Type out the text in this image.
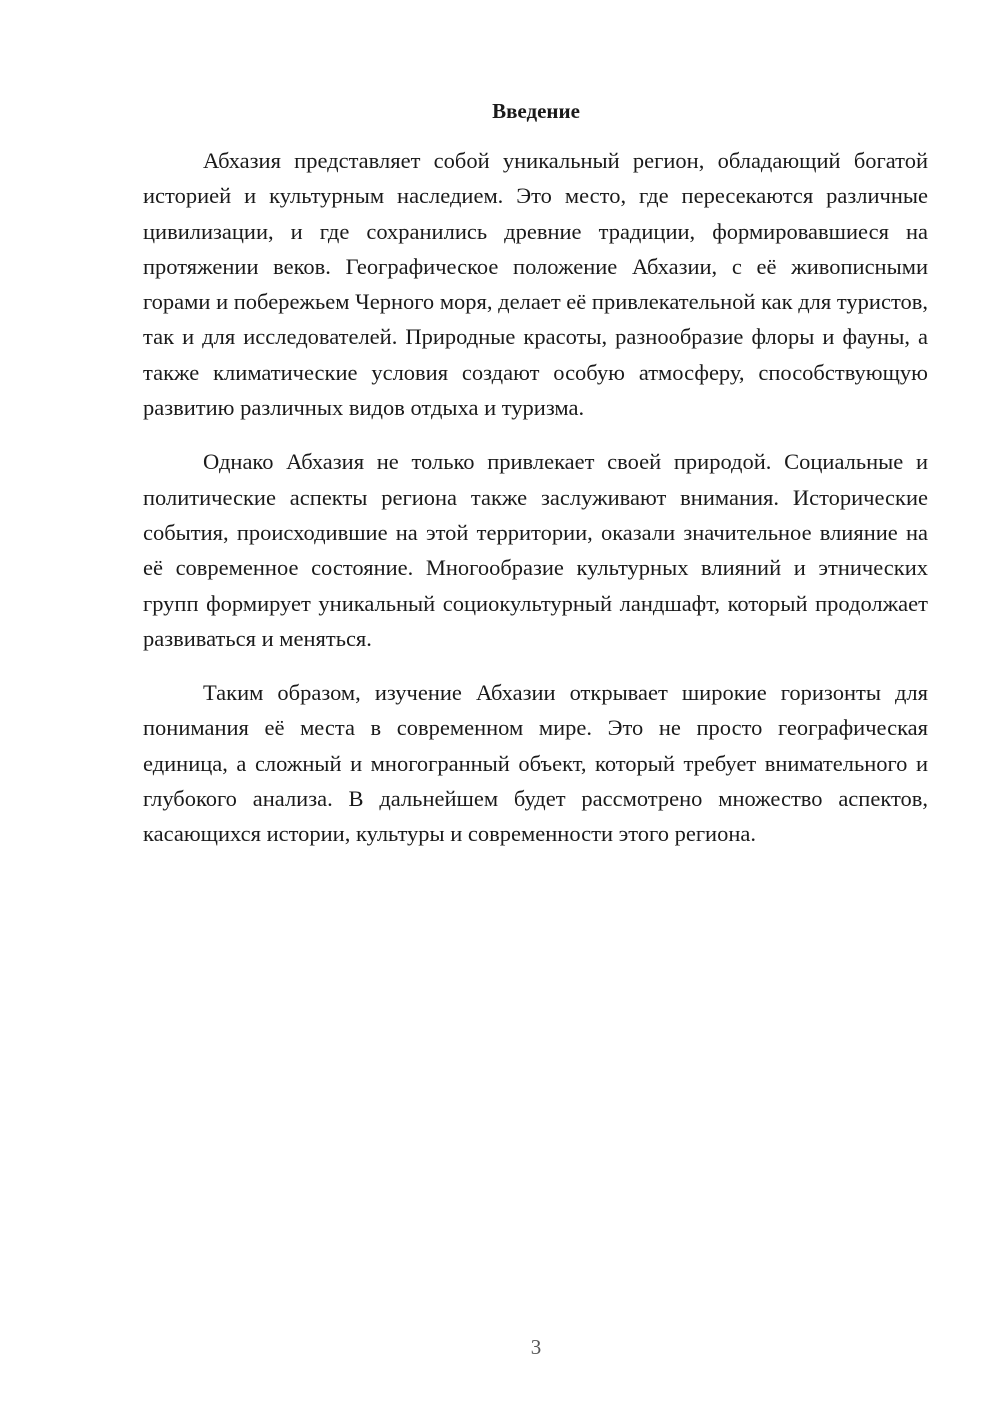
Введение

Абхазия представляет собой уникальный регион, обладающий богатой историей и культурным наследием. Это место, где пересекаются различные цивилизации, и где сохранились древние традиции, формировавшиеся на протяжении веков. Географическое положение Абхазии, с её живописными горами и побережьем Черного моря, делает её привлекательной как для туристов, так и для исследователей. Природные красоты, разнообразие флоры и фауны, а также климатические условия создают особую атмосферу, способствующую развитию различных видов отдыха и туризма.

Однако Абхазия не только привлекает своей природой. Социальные и политические аспекты региона также заслуживают внимания. Исторические события, происходившие на этой территории, оказали значительное влияние на её современное состояние. Многообразие культурных влияний и этнических групп формирует уникальный социокультурный ландшафт, который продолжает развиваться и меняться.

Таким образом, изучение Абхазии открывает широкие горизонты для понимания её места в современном мире. Это не просто географическая единица, а сложный и многогранный объект, который требует внимательного и глубокого анализа. В дальнейшем будет рассмотрено множество аспектов, касающихся истории, культуры и современности этого региона.

3
